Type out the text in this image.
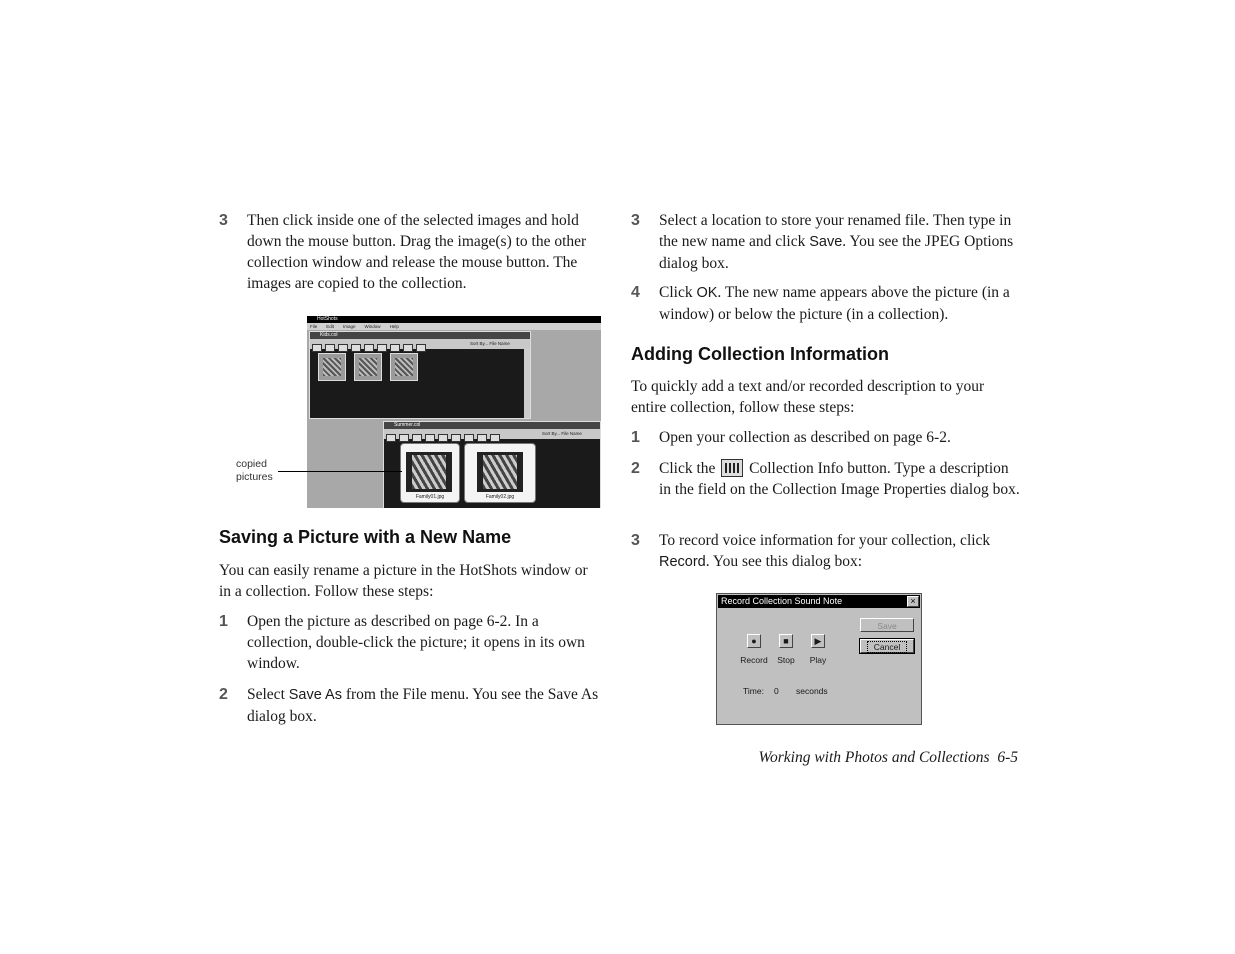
3	Then click inside one of the selected images and hold down the mouse button. Drag the image(s) to the other collection window and release the mouse button. The images are copied to the collection.
Saving a Picture with a New Name
You can easily rename a picture in the HotShots window or in a collection. Follow these steps:
1	Open the picture as described on page 6-2. In a collection, double-click the picture; it opens in its own window.
2	Select Save As from the File menu. You see the Save As dialog box.
HotShots
File Edit Image Window Help
Kids.col
Sort By... File Name
Summer.col
Sort By... File Name
Family01.jpg	Family02.jpg
copied
pictures
3	Select a location to store your renamed file. Then type in the new name and click Save. You see the JPEG Options dialog box.
4	Click OK. The new name appears above the picture (in a window) or below the picture (in a collection).
Adding Collection Information
To quickly add a text and/or recorded description to your entire collection, follow these steps:
1	Open your collection as described on page 6-2.
2	Click the
Collection Info button. Type a description in the field on the Collection Image Properties dialog box.
3	To record voice information for your collection, click Record. You see this dialog box:
Record Collection Sound Note	×
Save
Cancel
●
Record
■
Stop
▶
Play
Time: 0 seconds
Working with Photos and Collections 6-5
